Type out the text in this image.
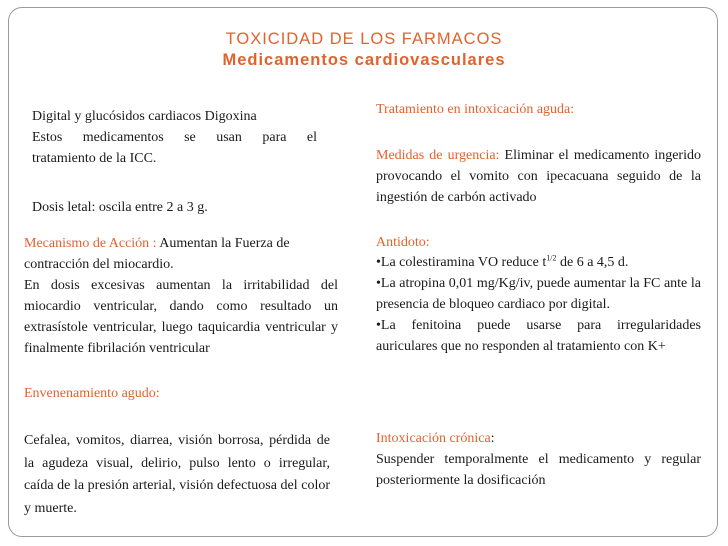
TOXICIDAD DE LOS FARMACOS
Medicamentos cardiovasculares

Digital y glucósidos cardiacos Digoxina

Estos medicamentos se usan para el

tratamiento de la ICC.

Dosis letal: oscila entre 2 a 3 g.

Mecanismo de Acción : Aumentan la Fuerza de

contracción del miocardio.

En dosis excesivas aumentan la irritabilidad del miocardio ventricular, dando como resultado un extrasístole ventricular, luego taquicardia ventricular y finalmente fibrilación ventricular

Envenenamiento agudo:
Cefalea, vomitos, diarrea, visión borrosa, pérdida de la agudeza visual, delirio, pulso lento o irregular, caída de la presión arterial, visión defectuosa del color y muerte.
Tratamiento en intoxicación aguda:
Medidas de urgencia: Eliminar el medicamento ingerido provocando el vomito con ipecacuana seguido de la ingestión de carbón activado
Antidoto:

• La colestiramina VO reduce $t^{1/2}$ de 6 a 4,5 d.

• La atropina 0,01 mg/Kg/iv, puede aumentar la FC ante la presencia de bloqueo cardiaco por digital.

• La fenitoina puede usarse para irregularidades auriculares que no responden al tratamiento con K+

Intoxicación crónica:

Suspender temporalmente el medicamento y regular posteriormente la dosificación
